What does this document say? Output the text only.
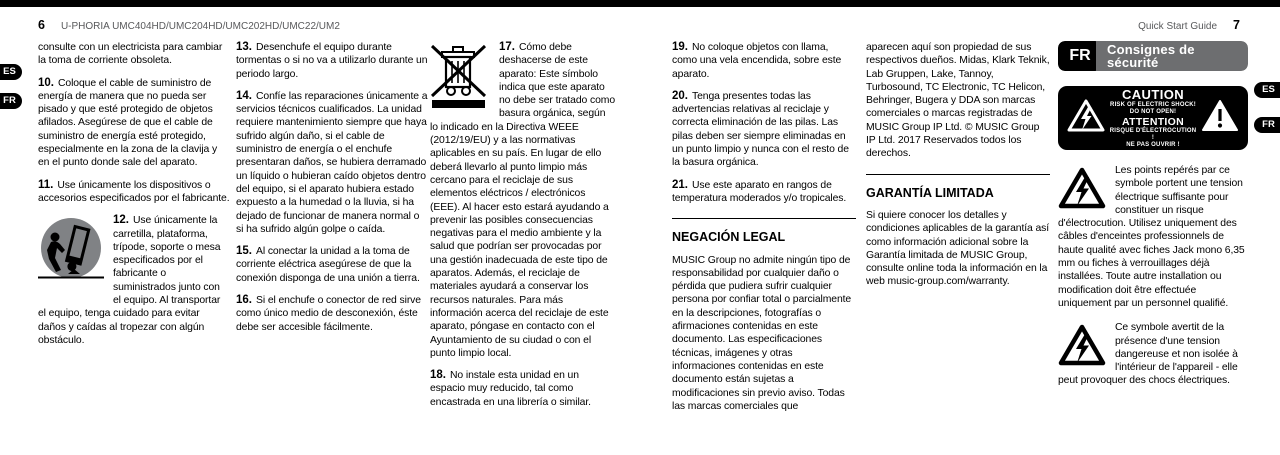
6 U-PHORIA UMC404HD/UMC204HD/UMC202HD/UMC22/UM2	Quick Start Guide 7
ES
FR
ES
FR

consulte con un electricista para cambiar la toma de corriente obsoleta.

10. Coloque el cable de suministro de energía de manera que no pueda ser pisado y que esté protegido de objetos afilados. Asegúrese de que el cable de suministro de energía esté protegido, especialmente en la zona de la clavija y en el punto donde sale del aparato.

11. Use únicamente los dispositivos o accesorios especificados por el fabricante.

12. Use únicamente la carretilla, plataforma, trípode, soporte o mesa especificados por el fabricante o suministrados junto con el equipo. Al transportar el equipo, tenga cuidado para evitar daños y caídas al tropezar con algún obstáculo.

13. Desenchufe el equipo durante tormentas o si no va a utilizarlo durante un periodo largo.

14. Confíe las reparaciones únicamente a servicios técnicos cualificados. La unidad requiere mantenimiento siempre que haya sufrido algún daño, si el cable de suministro de energía o el enchufe presentaran daños, se hubiera derramado un líquido o hubieran caído objetos dentro del equipo, si el aparato hubiera estado expuesto a la humedad o la lluvia, si ha dejado de funcionar de manera normal o si ha sufrido algún golpe o caída.

15. Al conectar la unidad a la toma de corriente eléctrica asegúrese de que la conexión disponga de una unión a tierra.

16. Si el enchufe o conector de red sirve como único medio de desconexión, éste debe ser accesible fácilmente.

17. Cómo debe deshacerse de este aparato: Este símbolo indica que este aparato no debe ser tratado como basura orgánica, según lo indicado en la Directiva WEEE (2012/19/EU) y a las normativas aplicables en su país. En lugar de ello deberá llevarlo al punto limpio más cercano para el reciclaje de sus elementos eléctricos / electrónicos (EEE). Al hacer esto estará ayudando a prevenir las posibles consecuencias negativas para el medio ambiente y la salud que podrían ser provocadas por una gestión inadecuada de este tipo de aparatos. Además, el reciclaje de materiales ayudará a conservar los recursos naturales. Para más información acerca del reciclaje de este aparato, póngase en contacto con el Ayuntamiento de su ciudad o con el punto limpio local.

18. No instale esta unidad en un espacio muy reducido, tal como encastrada en una librería o similar.

19. No coloque objetos con llama, como una vela encendida, sobre este aparato.

20. Tenga presentes todas las advertencias relativas al reciclaje y correcta eliminación de las pilas. Las pilas deben ser siempre eliminadas en un punto limpio y nunca con el resto de la basura orgánica.

21. Use este aparato en rangos de temperatura moderados y/o tropicales.

NEGACIÓN LEGAL

MUSIC Group no admite ningún tipo de responsabilidad por cualquier daño o pérdida que pudiera sufrir cualquier persona por confiar total o parcialmente en la descripciones, fotografías o afirmaciones contenidas en este documento. Las especificaciones técnicas, imágenes y otras informaciones contenidas en este documento están sujetas a modificaciones sin previo aviso. Todas las marcas comerciales que

aparecen aquí son propiedad de sus respectivos dueños. Midas, Klark Teknik, Lab Gruppen, Lake, Tannoy, Turbosound, TC Electronic, TC Helicon, Behringer, Bugera y DDA son marcas comerciales o marcas registradas de MUSIC Group IP Ltd. © MUSIC Group IP Ltd. 2017 Reservados todos los derechos.

GARANTÍA LIMITADA

Si quiere conocer los detalles y condiciones aplicables de la garantía así como información adicional sobre la Garantía limitada de MUSIC Group, consulte online toda la información en la web music-group.com/warranty.

FR	Consignes de sécurité
CAUTION
RISK OF ELECTRIC SHOCK!
DO NOT OPEN!
ATTENTION
RISQUE D'ÉLECTROCUTION !
NE PAS OUVRIR !
Les points repérés par ce symbole portent une tension électrique suffisante pour constituer un risque d'électrocution. Utilisez uniquement des câbles d'enceintes professionnels de haute qualité avec fiches Jack mono 6,35 mm ou fiches à verrouillages déjà installées. Toute autre installation ou modification doit être effectuée uniquement par un personnel qualifié.
Ce symbole avertit de la présence d'une tension dangereuse et non isolée à l'intérieur de l'appareil - elle peut provoquer des chocs électriques.
